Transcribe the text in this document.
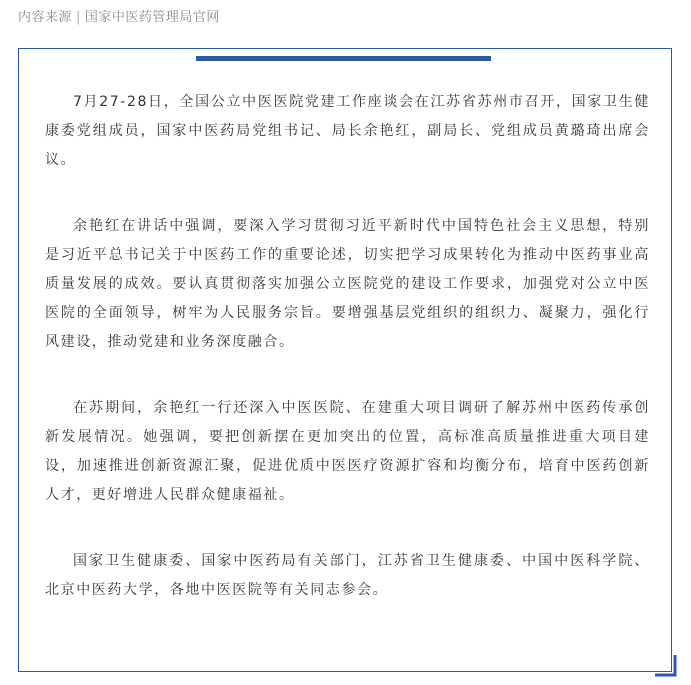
内容来源 | 国家中医药管理局官网

7月27-28日，全国公立中医医院党建工作座谈会在江苏省苏州市召开，国家卫生健康委党组成员，国家中医药局党组书记、局长余艳红，副局长、党组成员黄璐琦出席会议。

余艳红在讲话中强调，要深入学习贯彻习近平新时代中国特色社会主义思想，特别是习近平总书记关于中医药工作的重要论述，切实把学习成果转化为推动中医药事业高质量发展的成效。要认真贯彻落实加强公立医院党的建设工作要求，加强党对公立中医医院的全面领导，树牢为人民服务宗旨。要增强基层党组织的组织力、凝聚力，强化行风建设，推动党建和业务深度融合。

在苏期间，余艳红一行还深入中医医院、在建重大项目调研了解苏州中医药传承创新发展情况。她强调，要把创新摆在更加突出的位置，高标准高质量推进重大项目建设，加速推进创新资源汇聚，促进优质中医医疗资源扩容和均衡分布，培育中医药创新人才，更好增进人民群众健康福祉。

国家卫生健康委、国家中医药局有关部门，江苏省卫生健康委、中国中医科学院、北京中医药大学，各地中医医院等有关同志参会。
